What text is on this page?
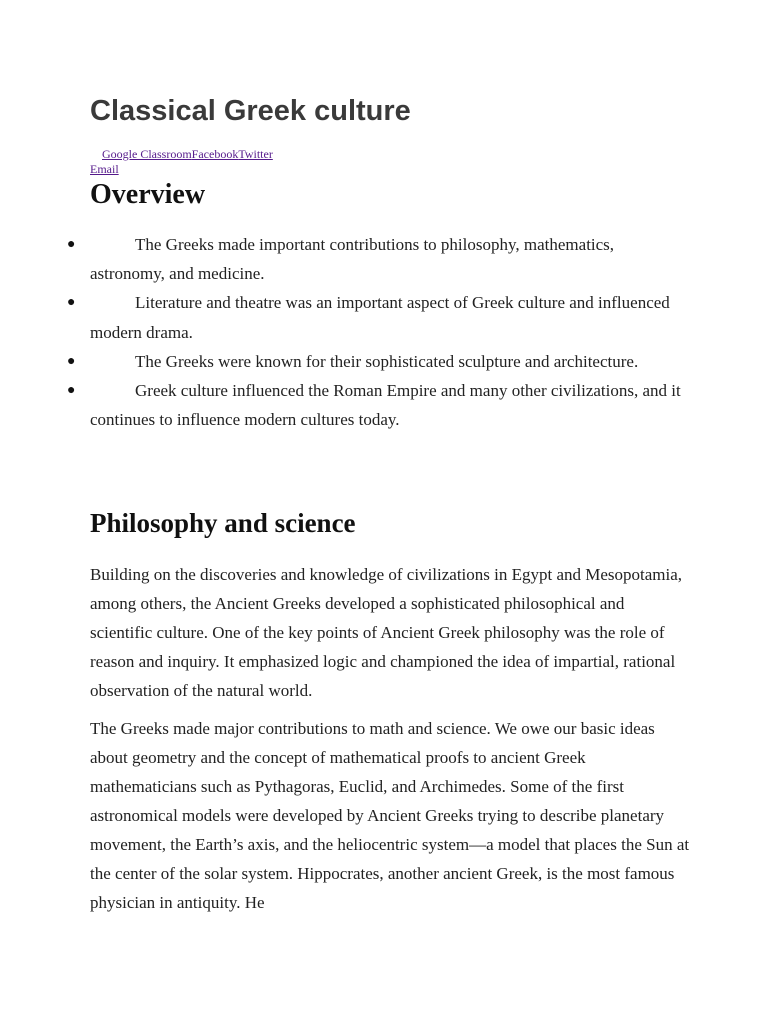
Classical Greek culture
Google ClassroomFacebookTwitter
Email
Overview
●	The Greeks made important contributions to philosophy, mathematics, astronomy, and medicine.
●	Literature and theatre was an important aspect of Greek culture and influenced modern drama.
●	The Greeks were known for their sophisticated sculpture and architecture.
●	Greek culture influenced the Roman Empire and many other civilizations, and it continues to influence modern cultures today.
Philosophy and science

Building on the discoveries and knowledge of civilizations in Egypt and Mesopotamia, among others, the Ancient Greeks developed a sophisticated philosophical and scientific culture. One of the key points of Ancient Greek philosophy was the role of reason and inquiry. It emphasized logic and championed the idea of impartial, rational observation of the natural world.

The Greeks made major contributions to math and science. We owe our basic ideas about geometry and the concept of mathematical proofs to ancient Greek mathematicians such as Pythagoras, Euclid, and Archimedes. Some of the first astronomical models were developed by Ancient Greeks trying to describe planetary movement, the Earth’s axis, and the heliocentric system—a model that places the Sun at the center of the solar system. Hippocrates, another ancient Greek, is the most famous physician in antiquity. He
